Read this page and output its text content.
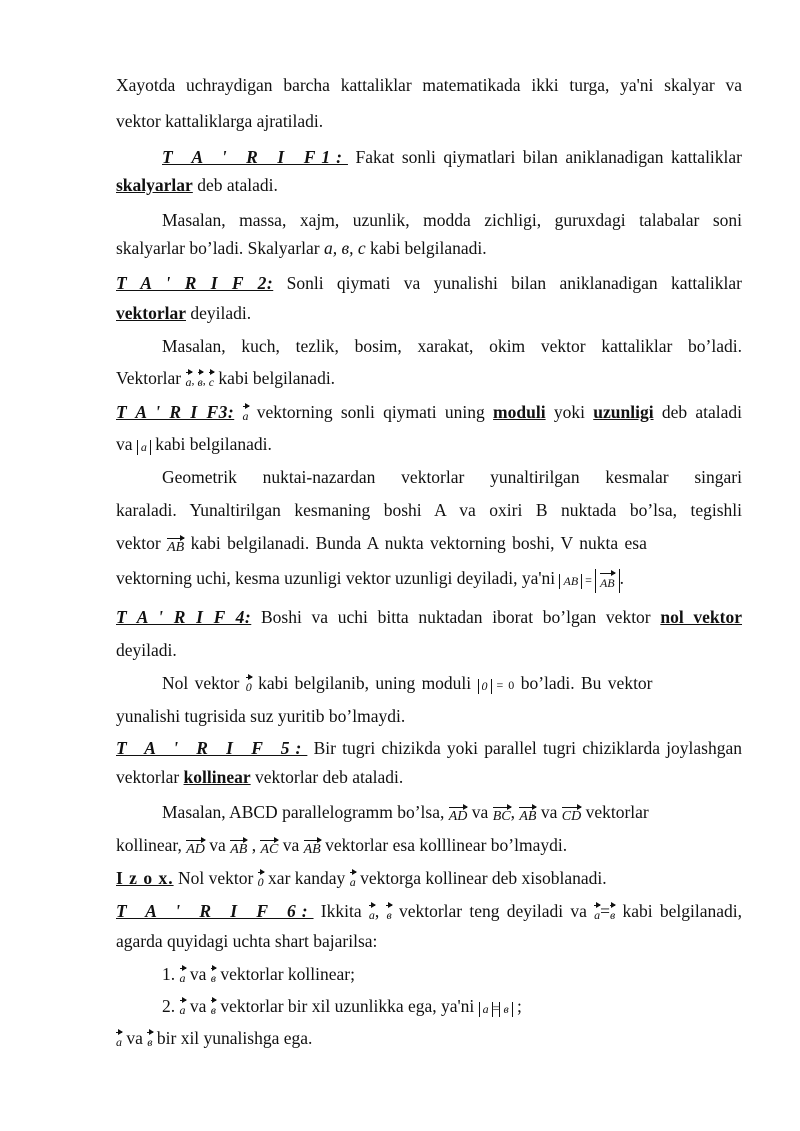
Xayotda uchraydigan barcha kattaliklar matematikada ikki turga, ya'ni skalyar va
vektor kattaliklarga ajratiladi.
T A ' R I F1: Fakat sonli qiymatlari bilan aniklanadigan kattaliklar
skalyarlar deb ataladi.
Masalan, massa, xajm, uzunlik, modda zichligi, guruxdagi talabalar soni
skalyarlar bo’ladi. Skalyarlar a, в, c kabi belgilanadi.
T A ' R I F 2: Sonli qiymati va yunalishi bilan aniklanadigan kattaliklar
vektorlar deyiladi.
Masalan, kuch, tezlik, bosim, xarakat, okim vektor kattaliklar bo’ladi.
Vektorlar a, в, c kabi belgilanadi.
T A ' R I F3: a vektorning sonli qiymati uning moduli yoki uzunligi deb ataladi
va a kabi belgilanadi.
Geometrik nuktai-nazardan vektorlar yunaltirilgan kesmalar singari
karaladi. Yunaltirilgan kesmaning boshi A va oxiri B nuktada bo’lsa, tegishli
vektor AB kabi belgilanadi. Bunda A nukta vektorning boshi, V nukta esa
vektorning uchi, kesma uzunligi vektor uzunligi deyiladi, ya'ni AB = AB .
T A ' R I F 4: Boshi va uchi bitta nuktadan iborat bo’lgan vektor nol vektor
deyiladi.
Nol vektor 0 kabi belgilanib, uning moduli 0 = 0 bo’ladi. Bu vektor
yunalishi tugrisida suz yuritib bo’lmaydi.
T A ' R I F 5: Bir tugri chizikda yoki parallel tugri chiziklarda joylashgan
vektorlar kollinear vektorlar deb ataladi.
Masalan, ABCD parallelogramm bo’lsa, AD va BC, AB va CD vektorlar
kollinear, AD va AB , AC va AB vektorlar esa kolllinear bo’lmaydi.
I z o x. Nol vektor 0 xar kanday a vektorga kollinear deb xisoblanadi.
T A ' R I F 6: Ikkita a, в vektorlar teng deyiladi va a=в kabi belgilanadi,
agarda quyidagi uchta shart bajarilsa:
1. a va в vektorlar kollinear;
2. a va в vektorlar bir xil uzunlikka ega, ya'ni a = в ;
a va в bir xil yunalishga ega.
